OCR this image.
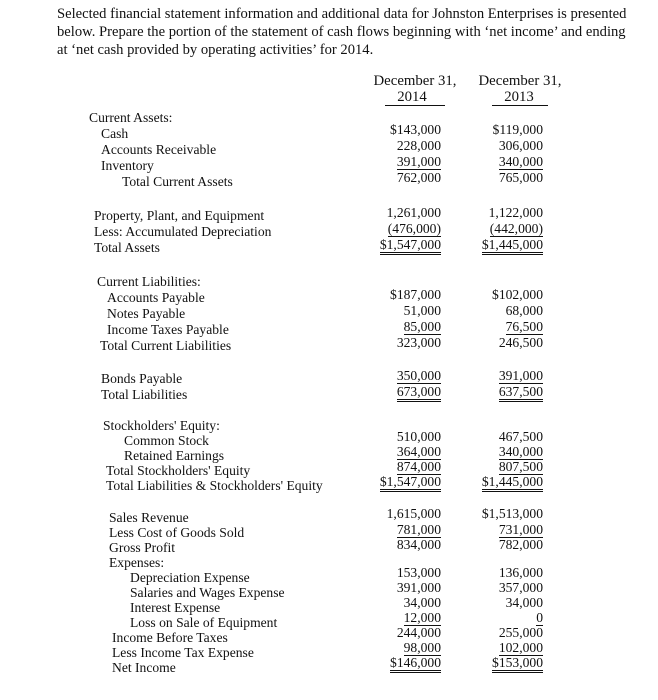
Selected financial statement information and additional data for Johnston Enterprises is presented below. Prepare the portion of the statement of cash flows beginning with ‘net income’ and ending at ‘net cash provided by operating activities’ for 2014.

December 31,
2014
December 31,
2013
Current Assets:
Cash	$143,000	$119,000
Accounts Receivable	228,000	306,000
Inventory	391,000	340,000
Total Current Assets	762,000	765,000
Property, Plant, and Equipment	1,261,000	1,122,000
Less: Accumulated Depreciation	(476,000)	(442,000)
Total Assets	$1,547,000	$1,445,000
Current Liabilities:
Accounts Payable	$187,000	$102,000
Notes Payable	51,000	68,000
Income Taxes Payable	85,000	76,500
Total Current Liabilities	323,000	246,500
Bonds Payable	350,000	391,000
Total Liabilities	673,000	637,500
Stockholders' Equity:
Common Stock	510,000	467,500
Retained Earnings	364,000	340,000
Total Stockholders' Equity	874,000	807,500
Total Liabilities & Stockholders' Equity	$1,547,000	$1,445,000
Sales Revenue	1,615,000	$1,513,000
Less Cost of Goods Sold	781,000	731,000
Gross Profit	834,000	782,000
Expenses:
Depreciation Expense	153,000	136,000
Salaries and Wages Expense	391,000	357,000
Interest Expense	34,000	34,000
Loss on Sale of Equipment	12,000	0
Income Before Taxes	244,000	255,000
Less Income Tax Expense	98,000	102,000
Net Income	$146,000	$153,000
